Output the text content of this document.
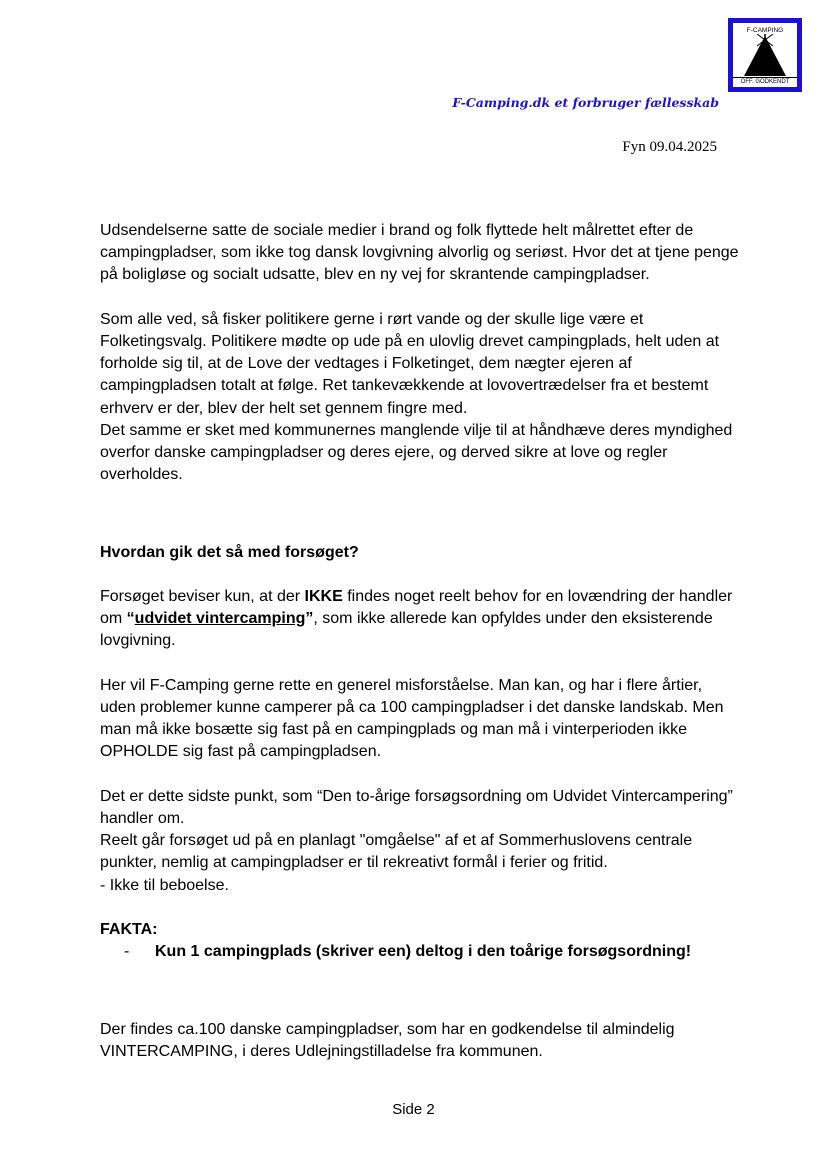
F-CAMPING
OFF. GODKENDT
F-Camping.dk et forbruger fællesskab
Fyn 09.04.2025

Udsendelserne satte de sociale medier i brand og folk flyttede helt målrettet efter de campingpladser, som ikke tog dansk lovgivning alvorlig og seriøst. Hvor det at tjene penge på boligløse og socialt udsatte, blev en ny vej for skrantende campingpladser.

Som alle ved, så fisker politikere gerne i rørt vande og der skulle lige være et Folketingsvalg. Politikere mødte op ude på en ulovlig drevet campingplads, helt uden at forholde sig til, at de Love der vedtages i Folketinget, dem nægter ejeren af campingpladsen totalt at følge. Ret tankevækkende at lovovertrædelser fra et bestemt erhverv er der, blev der helt set gennem fingre med.

Det samme er sket med kommunernes manglende vilje til at håndhæve deres myndighed overfor danske campingpladser og deres ejere, og derved sikre at love og regler overholdes.

Hvordan gik det så med forsøget?

Forsøget beviser kun, at der IKKE findes noget reelt behov for en lovændring der handler om “udvidet vintercamping”, som ikke allerede kan opfyldes under den eksisterende lovgivning.

Her vil F-Camping gerne rette en generel misforståelse. Man kan, og har i flere årtier, uden problemer kunne camperer på ca 100 campingpladser i det danske landskab. Men man må ikke bosætte sig fast på en campingplads og man må i vinterperioden ikke OPHOLDE sig fast på campingpladsen.

Det er dette sidste punkt, som “Den to-årige forsøgsordning om Udvidet Vintercampering” handler om.

Reelt går forsøget ud på en planlagt "omgåelse" af et af Sommerhuslovens centrale punkter, nemlig at campingpladser er til rekreativt formål i ferier og fritid.

- Ikke til beboelse.

FAKTA:
-	Kun 1 campingplads (skriver een) deltog i den toårige forsøgsordning!

Der findes ca.100 danske campingpladser, som har en godkendelse til almindelig VINTERCAMPING, i deres Udlejningstilladelse fra kommunen.

Side 2
